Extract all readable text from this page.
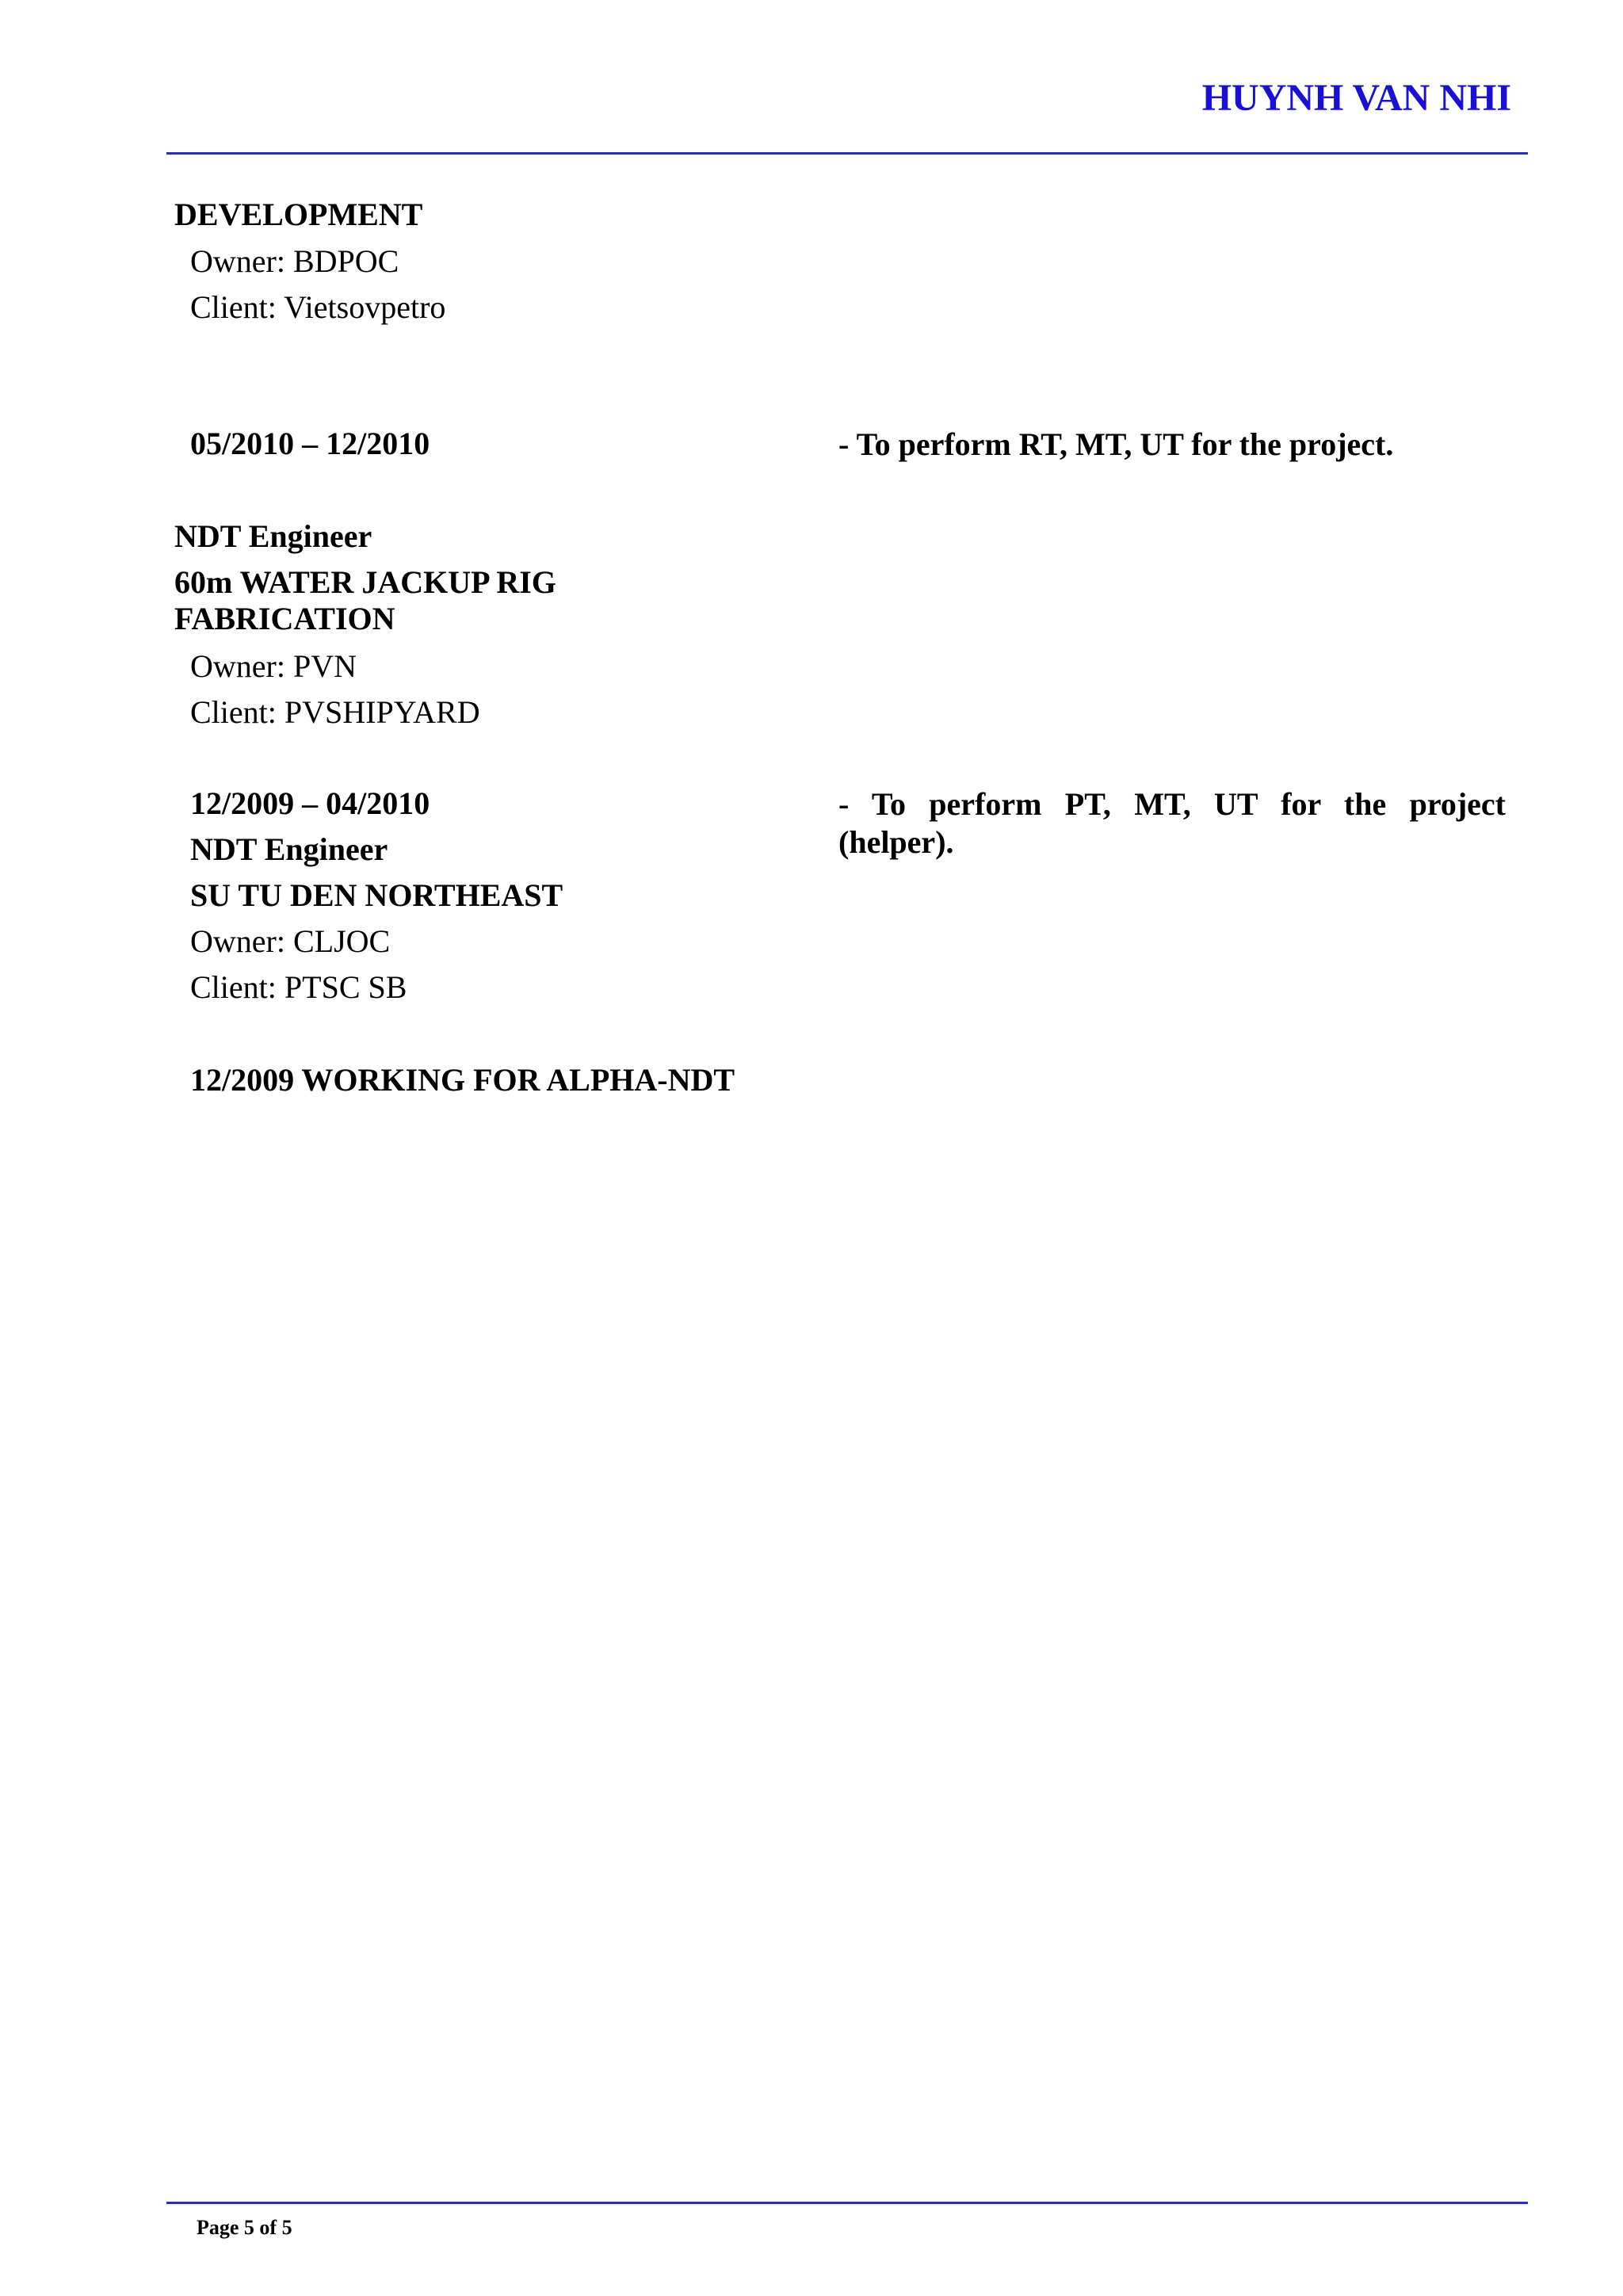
HUYNH VAN NHI
DEVELOPMENT
Owner: BDPOC
Client: Vietsovpetro
05/2010 – 12/2010	- To perform RT, MT, UT for the project.
NDT Engineer
60m WATER JACKUP RIG
FABRICATION
Owner: PVN
Client: PVSHIPYARD
12/2009 – 04/2010	- To perform PT, MT, UT for the project (helper).
NDT Engineer
SU TU DEN NORTHEAST
Owner: CLJOC
Client: PTSC SB
12/2009 WORKING FOR ALPHA-NDT
Page 5 of 5
